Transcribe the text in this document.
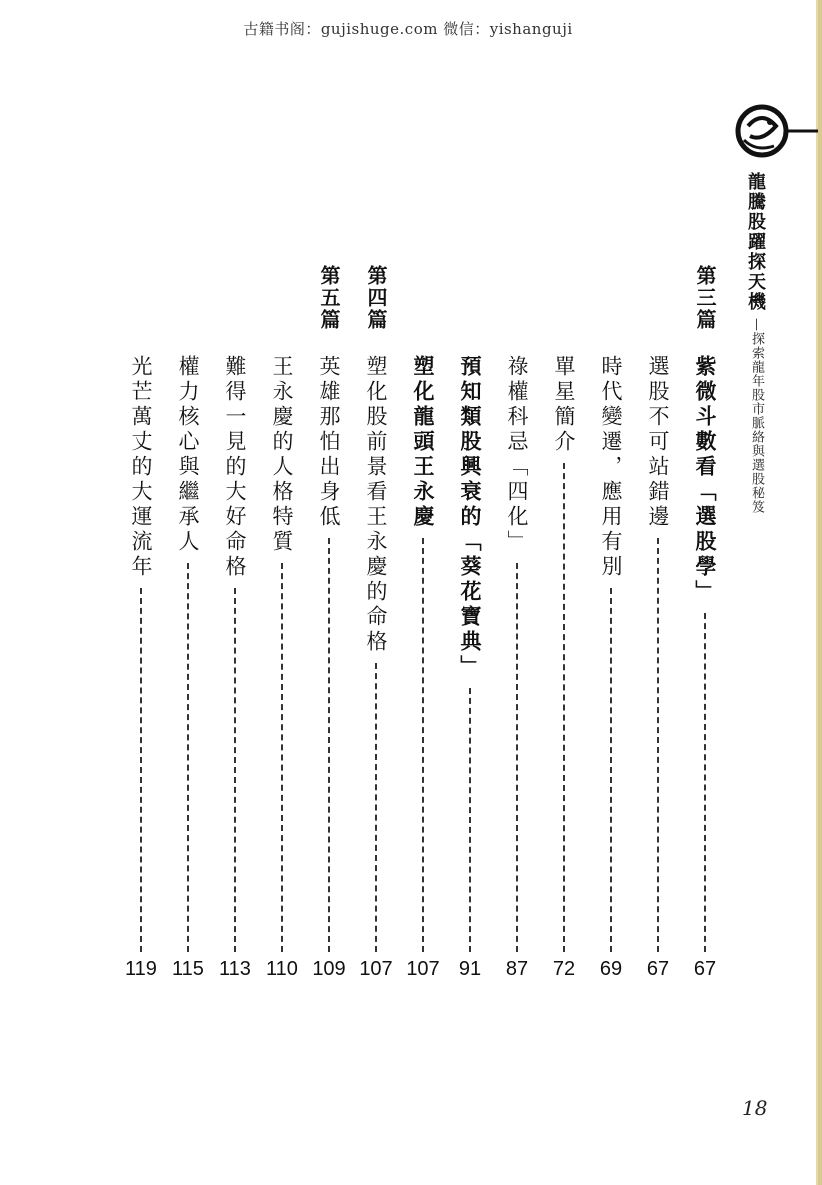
古籍书阁：gujishuge.com 微信：yishanguji
龍騰股躍探天機
—探索龍年股市脈絡與選股秘笈
紫微斗數看「選股學」
67
選股不可站錯邊
67
時代變遷，應用有別
69
單星簡介
72
祿權科忌「四化」
87
預知類股興衰的「葵花寶典」
91
塑化龍頭王永慶
107
塑化股前景看王永慶的命格
107
英雄那怕出身低
109
王永慶的人格特質
110
難得一見的大好命格
113
權力核心與繼承人
115
光芒萬丈的大運流年
119
第三篇
第四篇
第五篇
18
